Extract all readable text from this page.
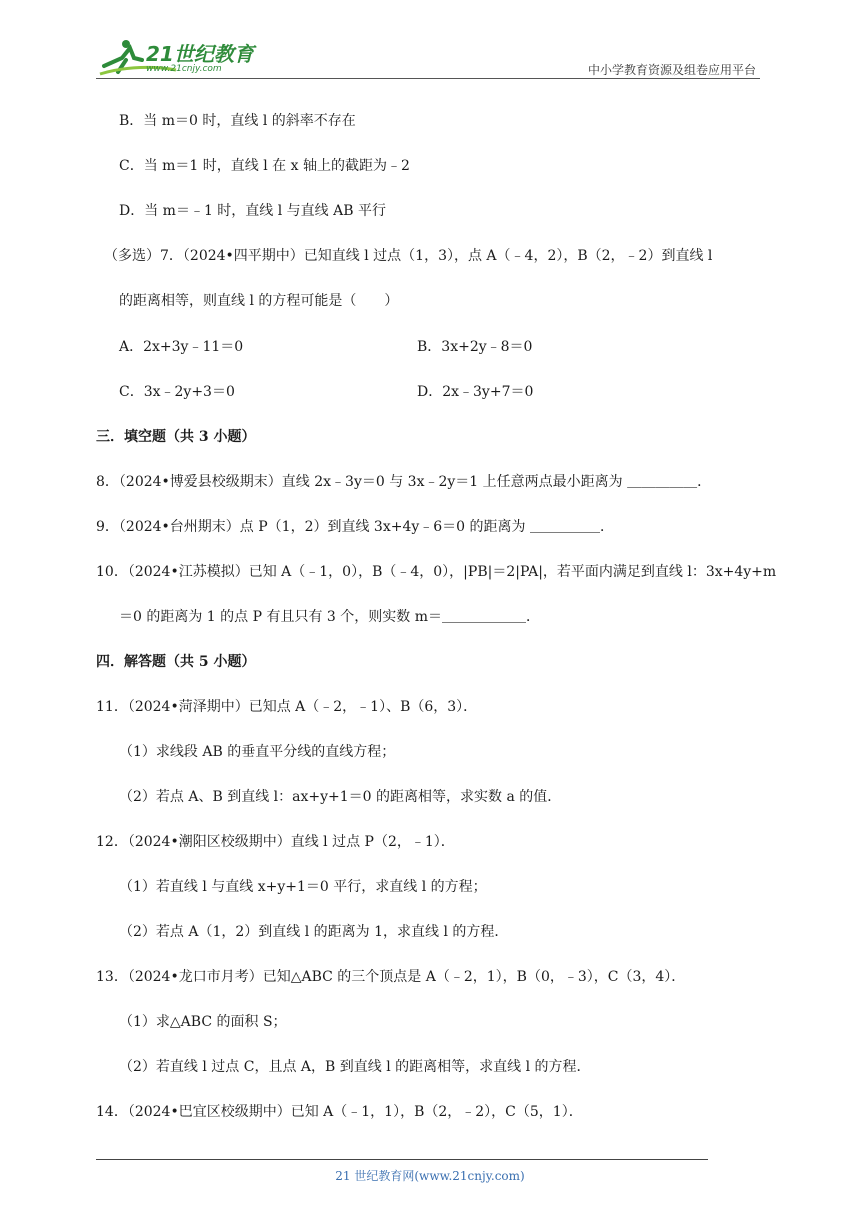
21世纪教育
www.21cnjy.com	中小学教育资源及组卷应用平台
B．当 m＝0 时，直线 l 的斜率不存在
C．当 m＝1 时，直线 l 在 x 轴上的截距为﹣2
D．当 m＝﹣1 时，直线 l 与直线 AB 平行
（多选）7．（2024•四平期中）已知直线 l 过点（1，3），点 A（﹣4，2），B（2，﹣2）到直线 l
的距离相等，则直线 l 的方程可能是（　　）
A．2x+3y﹣11＝0	B．3x+2y﹣8＝0
C．3x﹣2y+3＝0	D．2x﹣3y+7＝0
三．填空题（共 3 小题）
8．（2024•博爱县校级期末）直线 2x﹣3y＝0 与 3x﹣2y＝1 上任意两点最小距离为 ＿＿＿＿＿．
9．（2024•台州期末）点 P（1，2）到直线 3x+4y﹣6＝0 的距离为 ＿＿＿＿＿．
10．（2024•江苏模拟）已知 A（﹣1，0），B（﹣4，0），|PB|＝2|PA|，若平面内满足到直线 l：3x+4y+m
＝0 的距离为 1 的点 P 有且只有 3 个，则实数 m＝＿＿＿＿＿＿．
四．解答题（共 5 小题）
11．（2024•菏泽期中）已知点 A（﹣2，﹣1）、B（6，3）．
（1）求线段 AB 的垂直平分线的直线方程；
（2）若点 A、B 到直线 l：ax+y+1＝0 的距离相等，求实数 a 的值．
12．（2024•潮阳区校级期中）直线 l 过点 P（2，﹣1）．
（1）若直线 l 与直线 x+y+1＝0 平行，求直线 l 的方程；
（2）若点 A（1，2）到直线 l 的距离为 1，求直线 l 的方程．
13．（2024•龙口市月考）已知△ABC 的三个顶点是 A（﹣2，1），B（0，﹣3），C（3，4）．
（1）求△ABC 的面积 S；
（2）若直线 l 过点 C，且点 A，B 到直线 l 的距离相等，求直线 l 的方程．
14．（2024•巴宜区校级期中）已知 A（﹣1，1），B（2，﹣2），C（5，1）．
21 世纪教育网(www.21cnjy.com)
